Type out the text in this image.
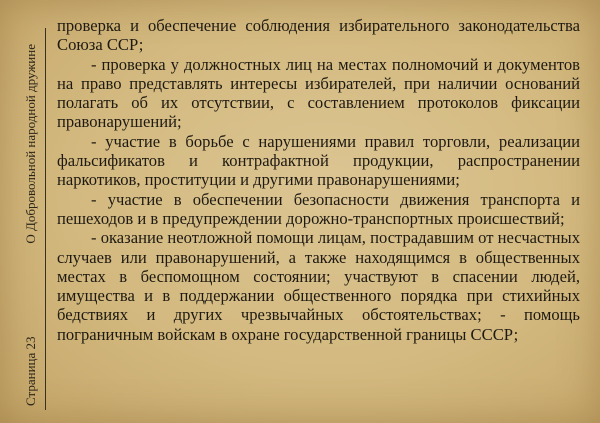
Страница 23
О Добровольной народной дружине

проверка и обеспечение соблюдения избирательного законодательства Союза ССР;

- проверка у должностных лиц на местах полномочий и документов на право представлять интересы избирателей, при наличии оснований полагать об их отсутствии, с составлением протоколов фиксации правонарушений;

- участие в борьбе с нарушениями правил торговли, реализации фальсификатов и контрафактной продукции, распространении наркотиков, проституции и другими правонарушениями;

- участие в обеспечении безопасности движения транспорта и пешеходов и в предупреждении дорожно-транспортных происшествий;

- оказание неотложной помощи лицам, пострадавшим от несчастных случаев или правонарушений, а также находящимся в общественных местах в беспомощном состоянии; участвуют в спасении людей, имущества и в поддержании общественного порядка при стихийных бедствиях и других чрезвычайных обстоятельствах; - помощь пограничным войскам в охране государственной границы СССР;
